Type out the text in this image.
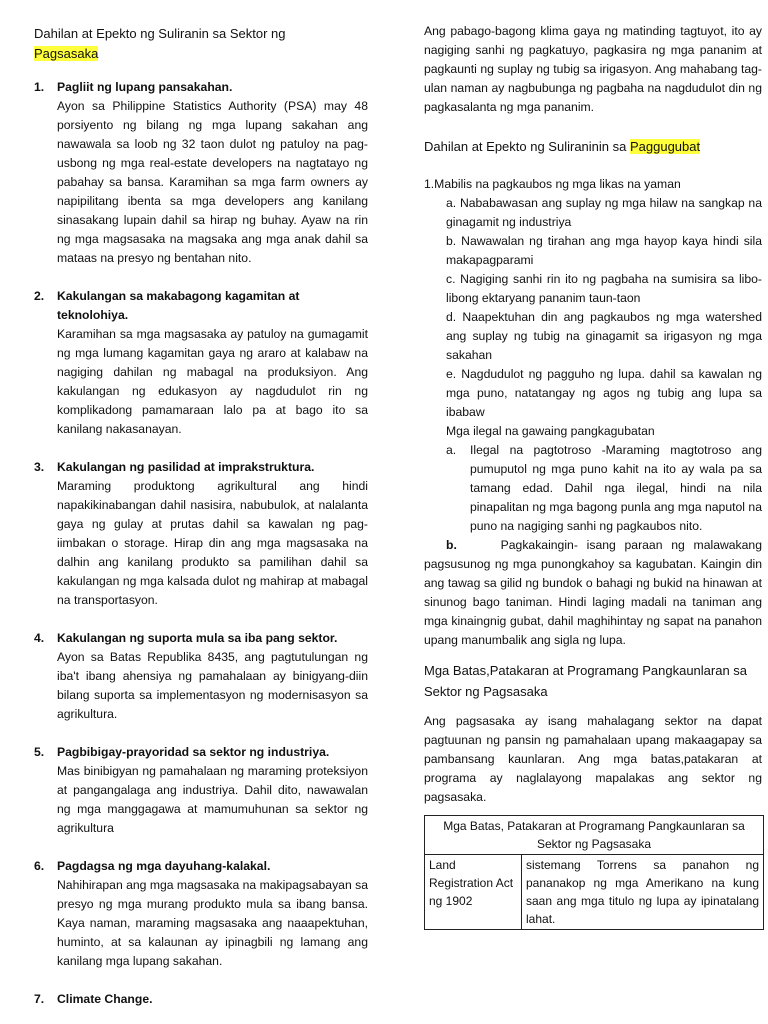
Dahilan at Epekto ng Suliranin sa Sektor ng
Pagsasaka

1. Pagliit ng lupang pansakahan.
Ayon sa Philippine Statistics Authority (PSA) may 48 porsiyento ng bilang ng mga lupang sakahan ang nawawala sa loob ng 32 taon dulot ng patuloy na pag-usbong ng mga real-estate developers na nagtatayo ng pabahay sa bansa. Karamihan sa mga farm owners ay napipilitang ibenta sa mga developers ang kanilang sinasakang lupain dahil sa hirap ng buhay. Ayaw na rin ng mga magsasaka na magsaka ang mga anak dahil sa mataas na presyo ng bentahan nito.
2. Kakulangan sa makabagong kagamitan at teknolohiya.
Karamihan sa mga magsasaka ay patuloy na gumagamit ng mga lumang kagamitan gaya ng araro at kalabaw na nagiging dahilan ng mabagal na produksiyon. Ang kakulangan ng edukasyon ay nagdudulot rin ng komplikadong pamamaraan lalo pa at bago ito sa kanilang nakasanayan.
3. Kakulangan ng pasilidad at imprakstruktura.
Maraming produktong agrikultural ang hindi napakikinabangan dahil nasisira, nabubulok, at nalalanta gaya ng gulay at prutas dahil sa kawalan ng pag-iimbakan o storage. Hirap din ang mga magsasaka na dalhin ang kanilang produkto sa pamilihan dahil sa kakulangan ng mga kalsada dulot ng mahirap at mabagal na transportasyon.
4. Kakulangan ng suporta mula sa iba pang sektor.
Ayon sa Batas Republika 8435, ang pagtutulungan ng iba't ibang ahensiya ng pamahalaan ay binigyang-diin bilang suporta sa implementasyon ng modernisasyon sa agrikultura.
5. Pagbibigay-prayoridad sa sektor ng industriya.
Mas binibigyan ng pamahalaan ng maraming proteksiyon at pangangalaga ang industriya. Dahil dito, nawawalan ng mga manggagawa at mamumuhunan sa sektor ng agrikultura
6. Pagdagsa ng mga dayuhang-kalakal.
Nahihirapan ang mga magsasaka na makipagsabayan sa presyo ng mga murang produkto mula sa ibang bansa. Kaya naman, maraming magsasaka ang naaapektuhan, huminto, at sa kalaunan ay ipinagbili ng lamang ang kanilang mga lupang sakahan.
7. Climate Change.
Ang pabago-bagong klima gaya ng matinding tagtuyot, ito ay nagiging sanhi ng pagkatuyo, pagkasira ng mga pananim at pagkaunti ng suplay ng tubig sa irigasyon. Ang mahabang tag-ulan naman ay nagbubunga ng pagbaha na nagdudulot din ng pagkasalanta ng mga pananim.

Dahilan at Epekto ng Suliraninin sa Paggugubat

1.Mabilis na pagkaubos ng mga likas na yaman
a. Nababawasan ang suplay ng mga hilaw na sangkap na ginagamit ng industriya
b. Nawawalan ng tirahan ang mga hayop kaya hindi sila makapagparami
c. Nagiging sanhi rin ito ng pagbaha na sumisira sa libo-libong ektaryang pananim taun-taon
d. Naapektuhan din ang pagkaubos ng mga watershed ang suplay ng tubig na ginagamit sa irigasyon ng mga sakahan
e. Nagdudulot ng pagguho ng lupa. dahil sa kawalan ng mga puno, natatangay ng agos ng tubig ang lupa sa ibabaw
Mga ilegal na gawaing pangkagubatan
a.	Ilegal na pagtotroso -Maraming magtotroso ang pumuputol ng mga puno kahit na ito ay wala pa sa tamang edad. Dahil nga ilegal, hindi na nila pinapalitan ng mga bagong punla ang mga naputol na puno na nagiging sanhi ng pagkaubos nito.
b.	Pagkakaingin- isang paraan ng malawakang pagsusunog ng mga punongkahoy sa kagubatan. Kaingin din ang tawag sa gilid ng bundok o bahagi ng bukid na hinawan at sinunog bago taniman. Hindi laging madali na taniman ang mga kinaingnig gubat, dahil maghihintay ng sapat na panahon upang manumbalik ang sigla ng lupa.
Mga Batas,Patakaran at Programang Pangkaunlaran sa Sektor ng Pagsasaka
Ang pagsasaka ay isang mahalagang sektor na dapat pagtuunan ng pansin ng pamahalaan upang makaagapay sa pambansang kaunlaran. Ang mga batas,patakaran at programa ay naglalayong mapalakas ang sektor ng pagsasaka.
Mga Batas, Patakaran at Programang Pangkaunlaran sa Sektor ng Pagsasaka
Land Registration Act ng 1902	sistemang Torrens sa panahon ng pananakop ng mga Amerikano na kung saan ang mga titulo ng lupa ay ipinatalang lahat.
